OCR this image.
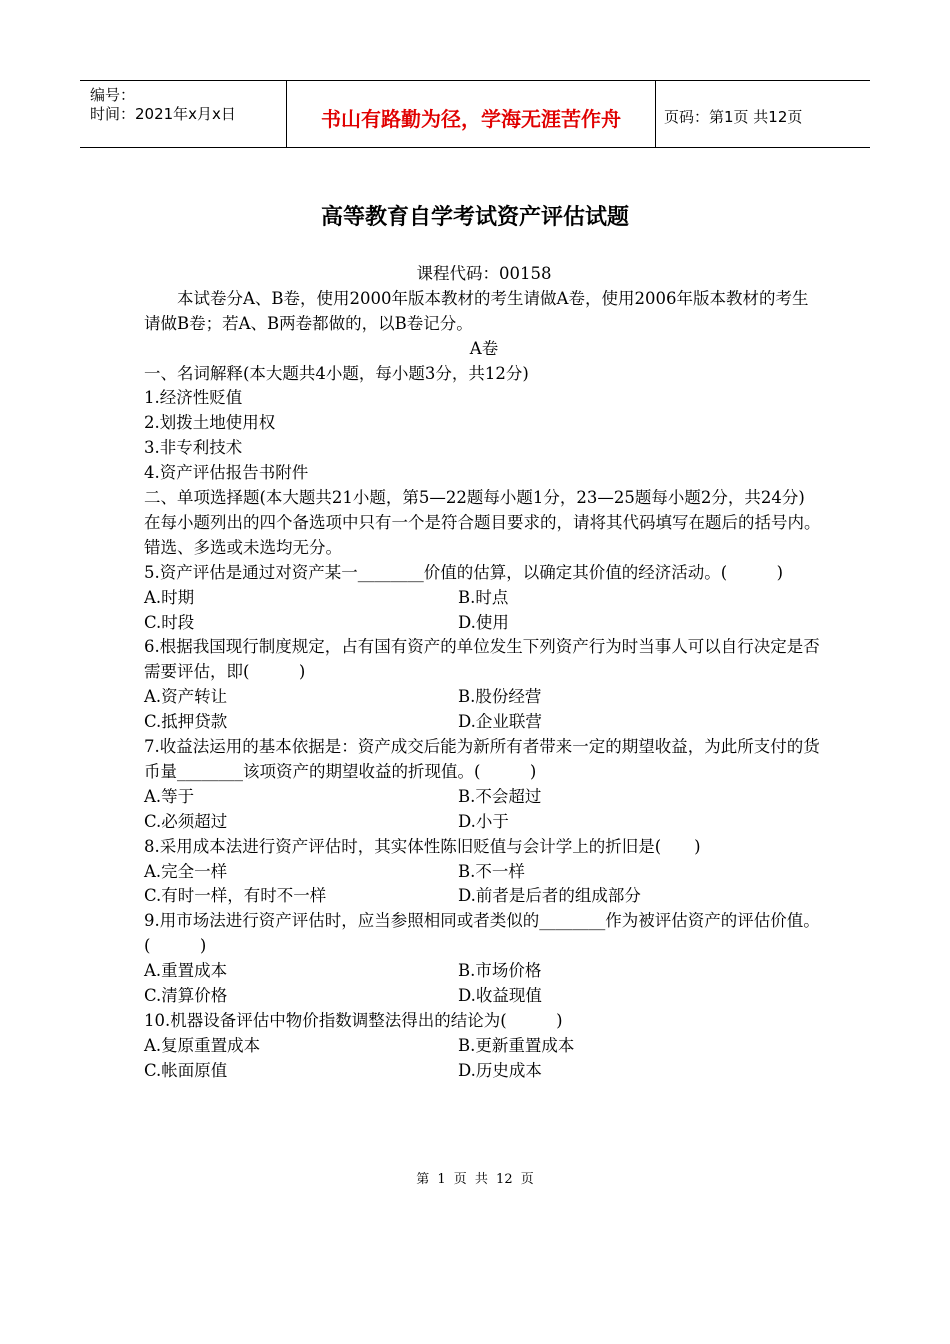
编号：
时间：2021年x月x日	书山有路勤为径，学海无涯苦作舟	页码：第1页 共12页
高等教育自学考试资产评估试题
课程代码：00158
本试卷分A、B卷，使用2000年版本教材的考生请做A卷，使用2006年版本教材的考生请做B卷；若A、B两卷都做的，以B卷记分。
A卷
一、名词解释(本大题共4小题，每小题3分，共12分)
1.经济性贬值
2.划拨土地使用权
3.非专利技术
4.资产评估报告书附件
二、单项选择题(本大题共21小题，第5—22题每小题1分，23—25题每小题2分，共24分)
在每小题列出的四个备选项中只有一个是符合题目要求的，请将其代码填写在题后的括号内。错选、多选或未选均无分。
5.资产评估是通过对资产某一________价值的估算，以确定其价值的经济活动。(　　　)
A.时期	B.时点
C.时段	D.使用
6.根据我国现行制度规定，占有国有资产的单位发生下列资产行为时当事人可以自行决定是否需要评估，即(　　　)
A.资产转让	B.股份经营
C.抵押贷款	D.企业联营
7.收益法运用的基本依据是：资产成交后能为新所有者带来一定的期望收益，为此所支付的货币量________该项资产的期望收益的折现值。(　　　)
A.等于	B.不会超过
C.必须超过	D.小于
8.采用成本法进行资产评估时，其实体性陈旧贬值与会计学上的折旧是(　　)
A.完全一样	B.不一样
C.有时一样，有时不一样	D.前者是后者的组成部分
9.用市场法进行资产评估时，应当参照相同或者类似的________作为被评估资产的评估价值。(　　　)
A.重置成本	B.市场价格
C.清算价格	D.收益现值
10.机器设备评估中物价指数调整法得出的结论为(　　　)
A.复原重置成本	B.更新重置成本
C.帐面原值	D.历史成本
第 1 页 共 12 页
